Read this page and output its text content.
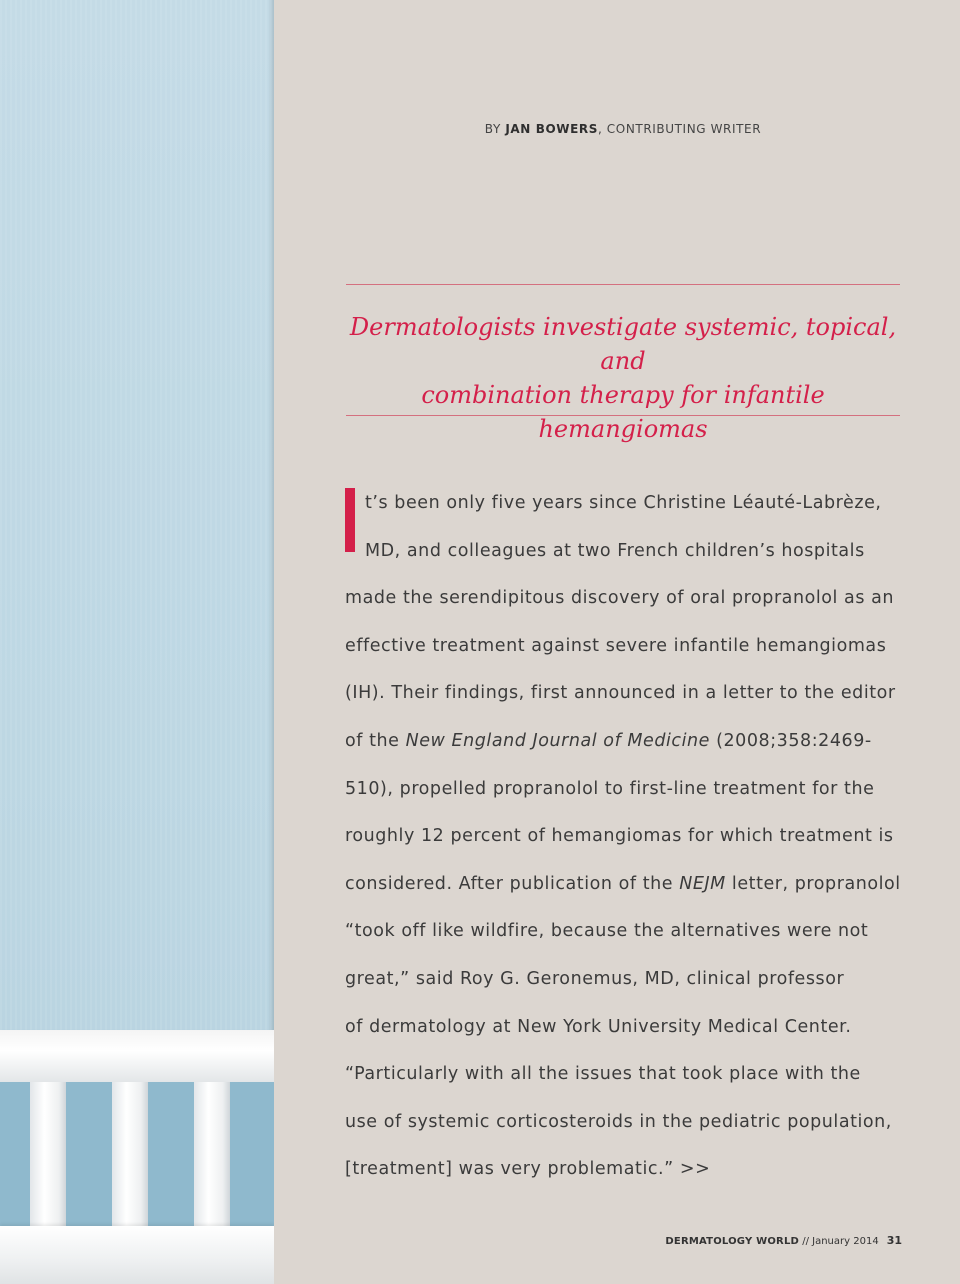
BY JAN BOWERS, CONTRIBUTING WRITER
Dermatologists investigate systemic, topical, and
combination therapy for infantile hemangiomas
t’s been only five years since Christine Léauté-Labrèze,
MD, and colleagues at two French children’s hospitals
made the serendipitous discovery of oral propranolol as an
effective treatment against severe infantile hemangiomas
(IH). Their findings, first announced in a letter to the editor
of the New England Journal of Medicine (2008;358:2469-
510), propelled propranolol to first-line treatment for the
roughly 12 percent of hemangiomas for which treatment is
considered. After publication of the NEJM letter, propranolol
“took off like wildfire, because the alternatives were not
great,” said Roy G. Geronemus, MD, clinical professor
of dermatology at New York University Medical Center.
“Particularly with all the issues that took place with the
use of systemic corticosteroids in the pediatric population,
[treatment] was very problematic.” >>
DERMATOLOGY WORLD // January 2014 31
